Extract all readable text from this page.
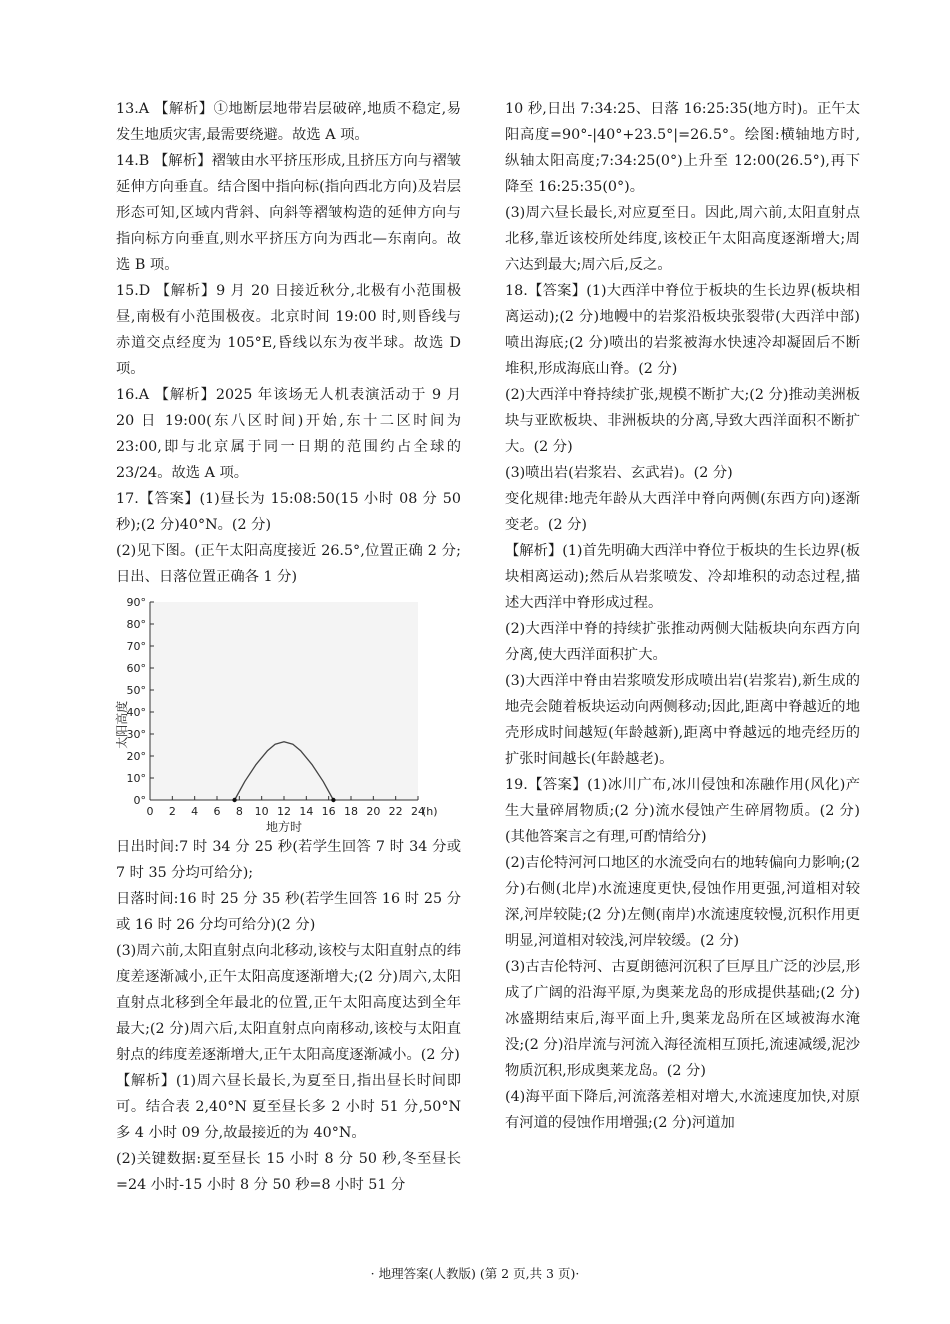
13.A 【解析】①地断层地带岩层破碎,地质不稳定,易发生地质灾害,最需要绕避。故选 A 项。

14.B 【解析】褶皱由水平挤压形成,且挤压方向与褶皱延伸方向垂直。结合图中指向标(指向西北方向)及岩层形态可知,区域内背斜、向斜等褶皱构造的延伸方向与指向标方向垂直,则水平挤压方向为西北—东南向。故选 B 项。

15.D 【解析】9 月 20 日接近秋分,北极有小范围极昼,南极有小范围极夜。北京时间 19:00 时,则昏线与赤道交点经度为 105°E,昏线以东为夜半球。故选 D 项。

16.A 【解析】2025 年该场无人机表演活动于 9 月 20 日 19:00(东八区时间)开始,东十二区时间为 23:00,即与北京属于同一日期的范围约占全球的 23/24。故选 A 项。

17.【答案】(1)昼长为 15:08:50(15 小时 08 分 50 秒);(2 分)40°N。(2 分)

(2)见下图。(正午太阳高度接近 26.5°,位置正确 2 分;日出、日落位置正确各 1 分)

0°
10°
20°
30°
40°
50°
60°
70°
80°
90°
0 2 4 6 8 10 12 14 16 18 20 22 24
(h)
地方时
太阳高度

日出时间:7 时 34 分 25 秒(若学生回答 7 时 34 分或 7 时 35 分均可给分);

日落时间:16 时 25 分 35 秒(若学生回答 16 时 25 分或 16 时 26 分均可给分)(2 分)

(3)周六前,太阳直射点向北移动,该校与太阳直射点的纬度差逐渐减小,正午太阳高度逐渐增大;(2 分)周六,太阳直射点北移到全年最北的位置,正午太阳高度达到全年最大;(2 分)周六后,太阳直射点向南移动,该校与太阳直射点的纬度差逐渐增大,正午太阳高度逐渐减小。(2 分)

【解析】(1)周六昼长最长,为夏至日,指出昼长时间即可。结合表 2,40°N 夏至昼长多 2 小时 51 分,50°N 多 4 小时 09 分,故最接近的为 40°N。

(2)关键数据:夏至昼长 15 小时 8 分 50 秒,冬至昼长=24 小时-15 小时 8 分 50 秒=8 小时 51 分

10 秒,日出 7:34:25、日落 16:25:35(地方时)。正午太阳高度=90°-|40°+23.5°|=26.5°。绘图:横轴地方时,纵轴太阳高度;7:34:25(0°)上升至 12:00(26.5°),再下降至 16:25:35(0°)。

(3)周六昼长最长,对应夏至日。因此,周六前,太阳直射点北移,靠近该校所处纬度,该校正午太阳高度逐渐增大;周六达到最大;周六后,反之。

18.【答案】(1)大西洋中脊位于板块的生长边界(板块相离运动);(2 分)地幔中的岩浆沿板块张裂带(大西洋中部)喷出海底;(2 分)喷出的岩浆被海水快速冷却凝固后不断堆积,形成海底山脊。(2 分)

(2)大西洋中脊持续扩张,规模不断扩大;(2 分)推动美洲板块与亚欧板块、非洲板块的分离,导致大西洋面积不断扩大。(2 分)

(3)喷出岩(岩浆岩、玄武岩)。(2 分)

变化规律:地壳年龄从大西洋中脊向两侧(东西方向)逐渐变老。(2 分)

【解析】(1)首先明确大西洋中脊位于板块的生长边界(板块相离运动);然后从岩浆喷发、冷却堆积的动态过程,描述大西洋中脊形成过程。

(2)大西洋中脊的持续扩张推动两侧大陆板块向东西方向分离,使大西洋面积扩大。

(3)大西洋中脊由岩浆喷发形成喷出岩(岩浆岩),新生成的地壳会随着板块运动向两侧移动;因此,距离中脊越近的地壳形成时间越短(年龄越新),距离中脊越远的地壳经历的扩张时间越长(年龄越老)。

19.【答案】(1)冰川广布,冰川侵蚀和冻融作用(风化)产生大量碎屑物质;(2 分)流水侵蚀产生碎屑物质。(2 分)(其他答案言之有理,可酌情给分)

(2)吉伦特河河口地区的水流受向右的地转偏向力影响;(2 分)右侧(北岸)水流速度更快,侵蚀作用更强,河道相对较深,河岸较陡;(2 分)左侧(南岸)水流速度较慢,沉积作用更明显,河道相对较浅,河岸较缓。(2 分)

(3)古吉伦特河、古夏朗德河沉积了巨厚且广泛的沙层,形成了广阔的沿海平原,为奥莱龙岛的形成提供基础;(2 分)冰盛期结束后,海平面上升,奥莱龙岛所在区域被海水淹没;(2 分)沿岸流与河流入海径流相互顶托,流速减缓,泥沙物质沉积,形成奥莱龙岛。(2 分)

(4)海平面下降后,河流落差相对增大,水流速度加快,对原有河道的侵蚀作用增强;(2 分)河道加

· 地理答案(人教版) (第 2 页,共 3 页)·
